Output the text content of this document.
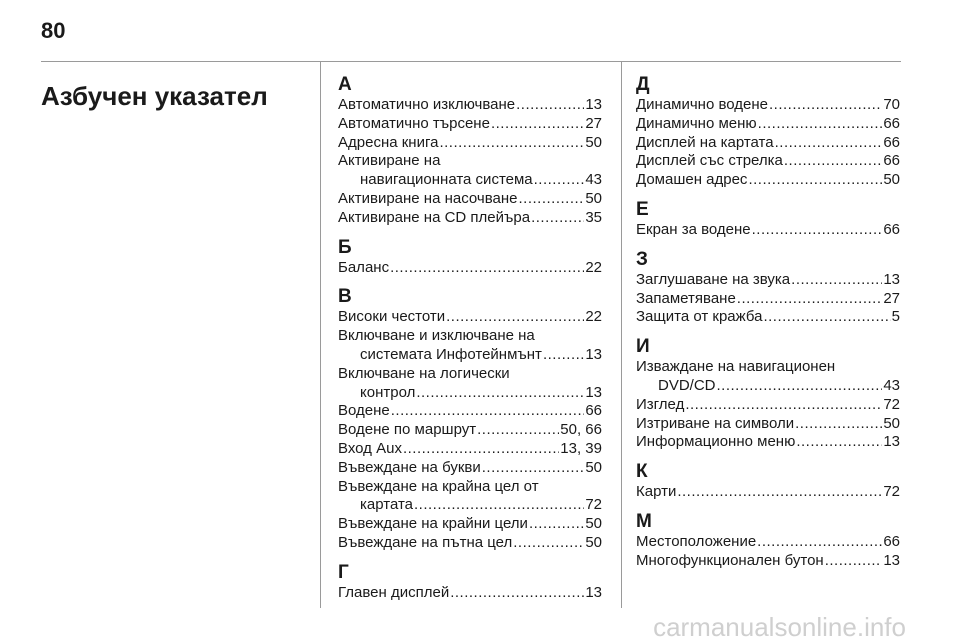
80
Азбучен указател	А
Автоматично изключване .....	13
Автоматично търсене .....	27
Адресна книга .....	50
Активиране на
навигационната система .....	43
Активиране на насочване .....	50
Активиране на CD плейъра .....	35
Б
Баланс .....	22
В
Високи честоти .....	22
Включване и изключване на
системата Инфотейнмънт .....	13
Включване на логически
контрол .....	13
Водене .....	66
Водене по маршрут .....	50, 66
Вход Aux .....	13, 39
Въвеждане на букви .....	50
Въвеждане на крайна цел от
картата .....	72
Въвеждане на крайни цели .....	50
Въвеждане на пътна цел .....	50
Г
Главен дисплей .....	13
Д
Динамично водене .....	70
Динамично меню .....	66
Дисплей на картата .....	66
Дисплей със стрелка .....	66
Домашен адрес .....	50
Е
Екран за водене .....	66
З
Заглушаване на звука .....	13
Запаметяване .....	27
Защита от кражба .....	5
И
Изваждане на навигационен
DVD/CD .....	43
Изглед .....	72
Изтриване на символи .....	50
Информационно меню .....	13
К
Карти .....	72
М
Местоположение .....	66
Многофункционален бутон .....	13
carmanualsonline.info
